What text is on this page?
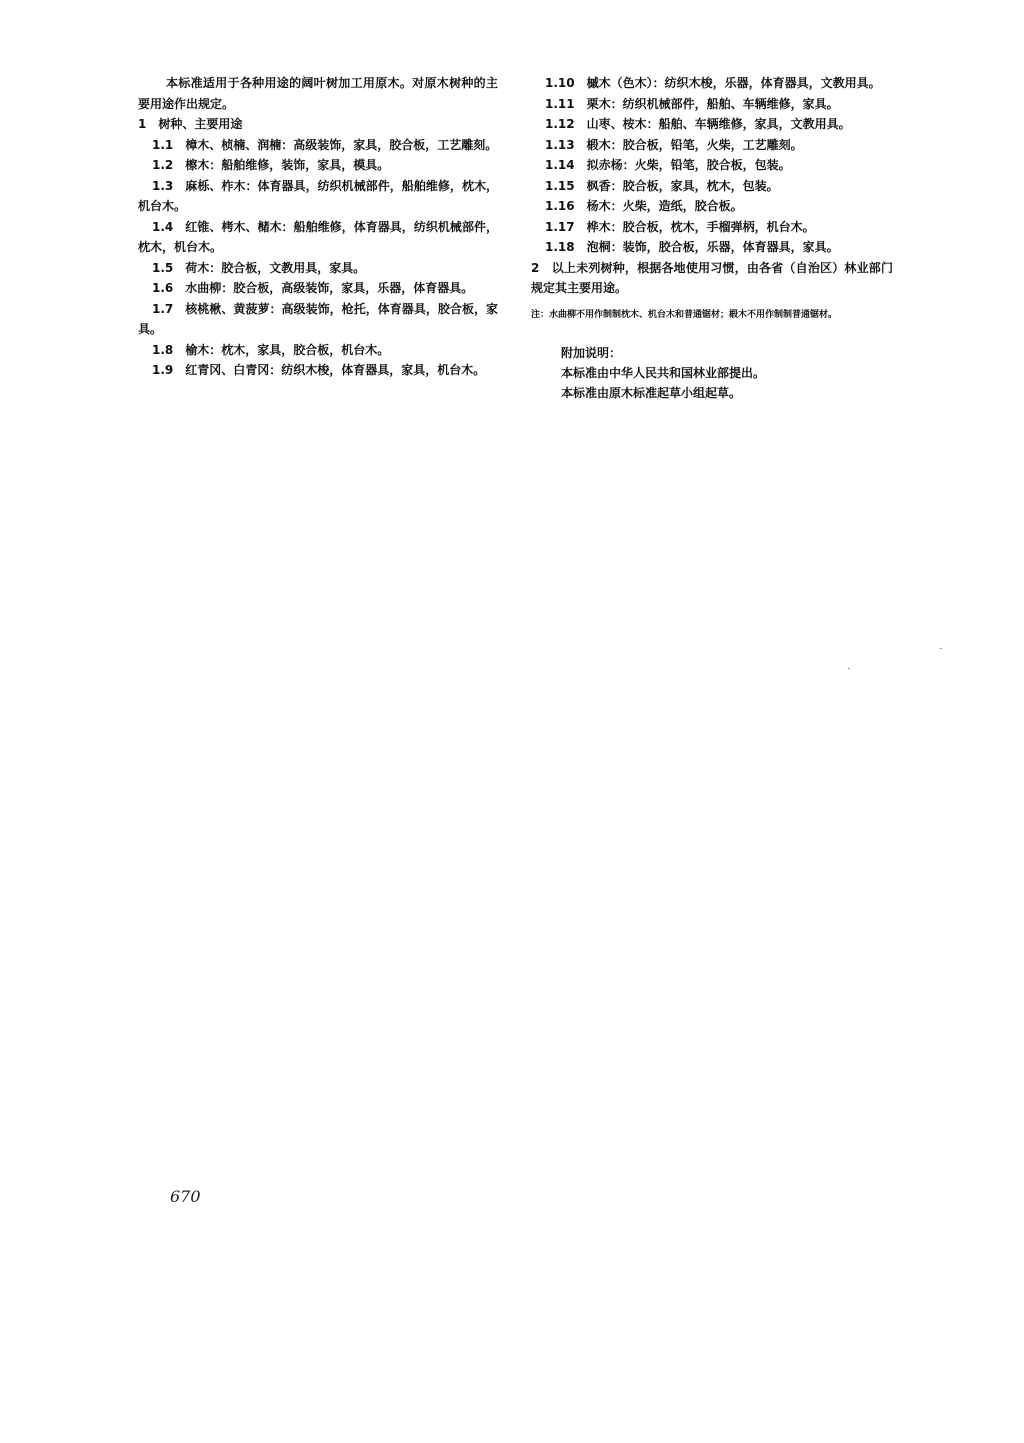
本标准适用于各种用途的阔叶树加工用原木。对原木树种的主要用途作出规定。

1　树种、主要用途

1.1　樟木、桢楠、润楠：高级装饰，家具，胶合板，工艺雕刻。

1.2　檫木：船舶维修，装饰，家具，模具。

1.3　麻栎、柞木：体育器具，纺织机械部件，船舶维修，枕木，机台木。

1.4　红锥、栲木、槠木：船舶维修，体育器具，纺织机械部件，枕木，机台木。

1.5　荷木：胶合板，文教用具，家具。

1.6　水曲柳：胶合板，高级装饰，家具，乐器，体育器具。

1.7　核桃楸、黄菠萝：高级装饰，枪托，体育器具，胶合板，家具。

1.8　榆木：枕木，家具，胶合板，机台木。

1.9　红青冈、白青冈：纺织木梭，体育器具，家具，机台木。

1.10　槭木（色木）：纺织木梭，乐器，体育器具，文教用具。

1.11　栗木：纺织机械部件，船舶、车辆维修，家具。

1.12　山枣、桉木：船舶、车辆维修，家具，文教用具。

1.13　椴木：胶合板，铅笔，火柴，工艺雕刻。

1.14　拟赤杨：火柴，铅笔，胶合板，包装。

1.15　枫香：胶合板，家具，枕木，包装。

1.16　杨木：火柴，造纸，胶合板。

1.17　桦木：胶合板，枕木，手榴弹柄，机台木。

1.18　泡桐：装饰，胶合板，乐器，体育器具，家具。

2　以上未列树种，根据各地使用习惯，由各省（自治区）林业部门规定其主要用途。

注：水曲柳不用作制制枕木、机台木和普通锯材；椴木不用作制制普通锯材。

附加说明：

本标准由中华人民共和国林业部提出。

本标准由原木标准起草小组起草。

670
